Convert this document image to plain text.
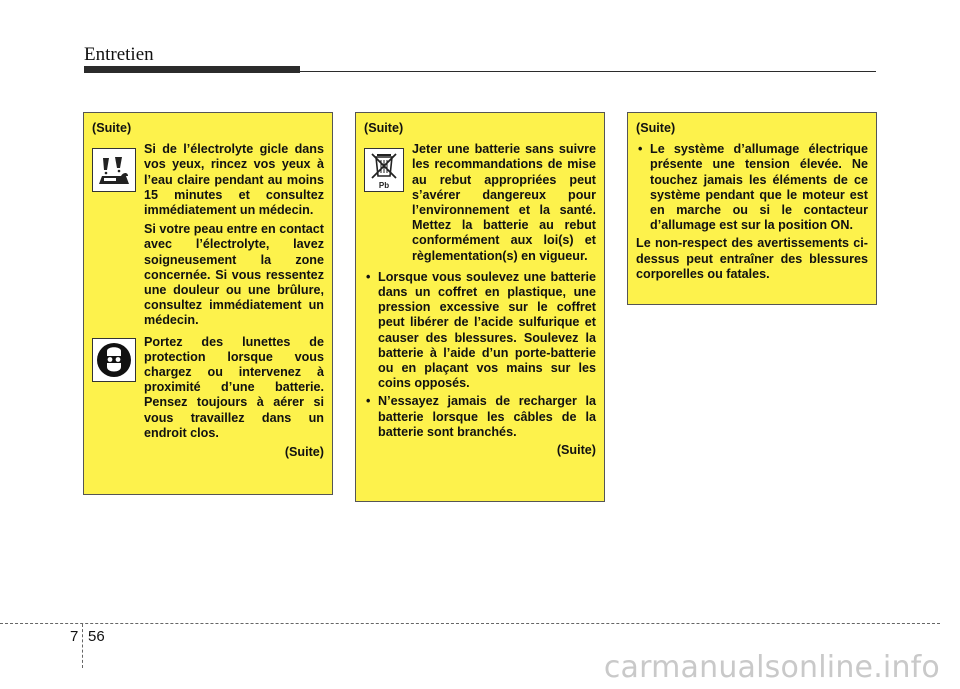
Entretien
(Suite)
Si de l’électrolyte gicle dans vos yeux, rincez vos yeux à l’eau claire pendant au moins 15 minutes et consultez immédiatement un médecin.
Si votre peau entre en contact avec l’électrolyte, lavez soigneusement la zone concernée. Si vous ressentez une douleur ou une brûlure, consultez immédiatement un médecin.
Portez des lunettes de protection lorsque vous chargez ou intervenez à proximité d’une batterie. Pensez toujours à aérer si vous travaillez dans un endroit clos.
(Suite)
(Suite)
Pb
Jeter une batterie sans suivre les recommandations de mise au rebut appropriées peut s’avérer dangereux pour l’environnement et la santé. Mettez la batterie au rebut conformément aux loi(s) et règlementation(s) en vigueur.
• Lorsque vous soulevez une batterie dans un coffret en plastique, une pression excessive sur le coffret peut libérer de l’acide sulfurique et causer des blessures. Soulevez la batterie à l’aide d’un porte-batterie ou en plaçant vos mains sur les coins opposés.
• N’essayez jamais de recharger la batterie lorsque les câbles de la batterie sont branchés.
(Suite)
(Suite)
• Le système d’allumage électrique présente une tension élevée. Ne touchez jamais les éléments de ce système pendant que le moteur est en marche ou si le contacteur d’allumage est sur la position ON.
Le non-respect des avertissements ci-dessus peut entraîner des blessures corporelles ou fatales.
7 56
carmanualsonline.info
